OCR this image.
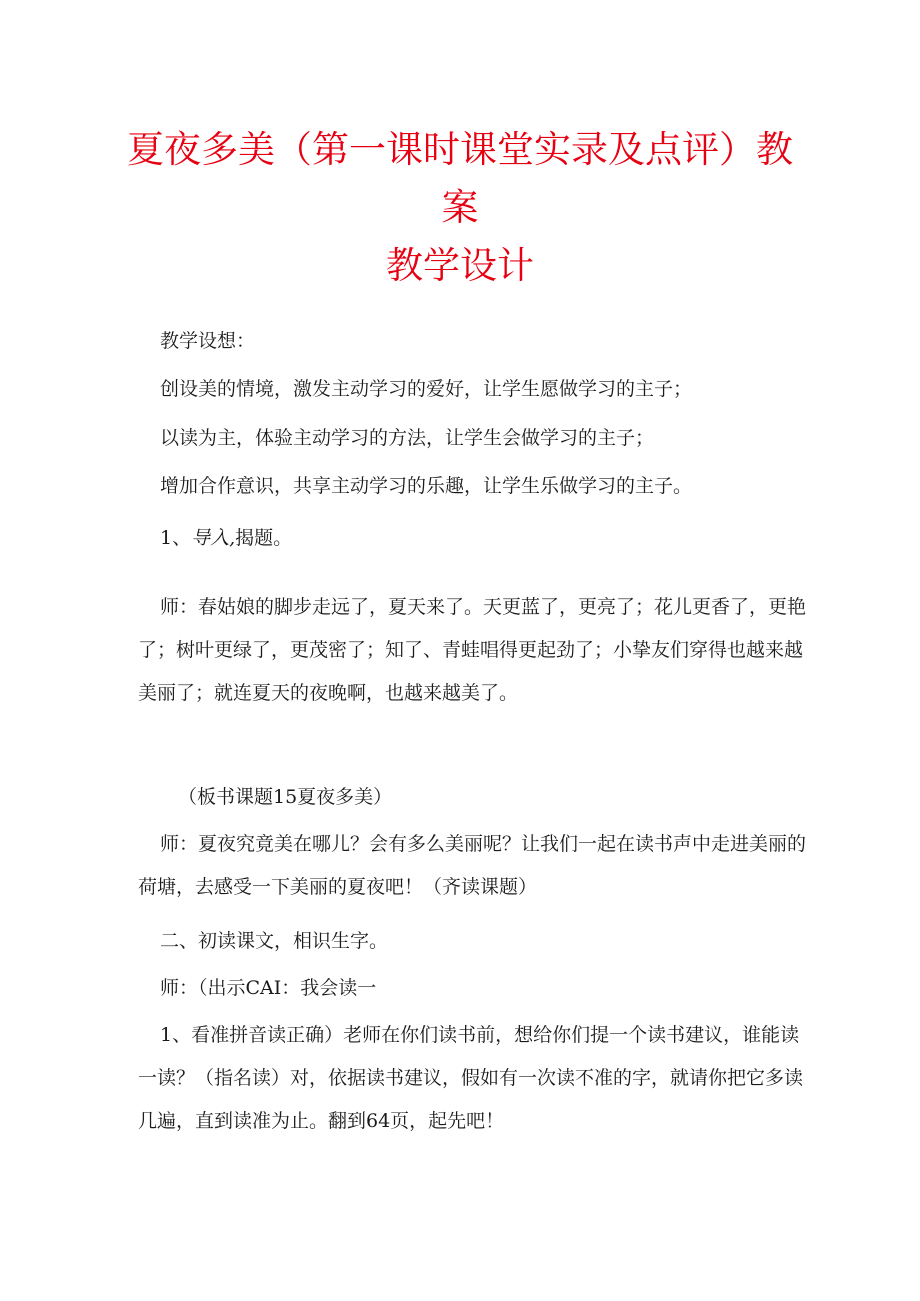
夏夜多美（第一课时课堂实录及点评）教
案
教学设计

教学设想：

创设美的情境，激发主动学习的爱好，让学生愿做学习的主子；

以读为主，体验主动学习的方法，让学生会做学习的主子；

增加合作意识，共享主动学习的乐趣，让学生乐做学习的主子。

1、导入,揭题。

师：春姑娘的脚步走远了，夏天来了。天更蓝了，更亮了；花儿更香了，更艳
了；树叶更绿了，更茂密了；知了、青蛙唱得更起劲了；小挚友们穿得也越来越
美丽了；就连夏天的夜晚啊，也越来越美了。

（板书课题15夏夜多美）

师：夏夜究竟美在哪儿？会有多么美丽呢？让我们一起在读书声中走进美丽的
荷塘，去感受一下美丽的夏夜吧！（齐读课题）

二、初读课文，相识生字。

师：（出示CAI：我会读一

1、看准拼音读正确）老师在你们读书前，想给你们提一个读书建议，谁能读
一读？（指名读）对，依据读书建议，假如有一次读不准的字，就请你把它多读
几遍，直到读准为止。翻到64页，起先吧！
